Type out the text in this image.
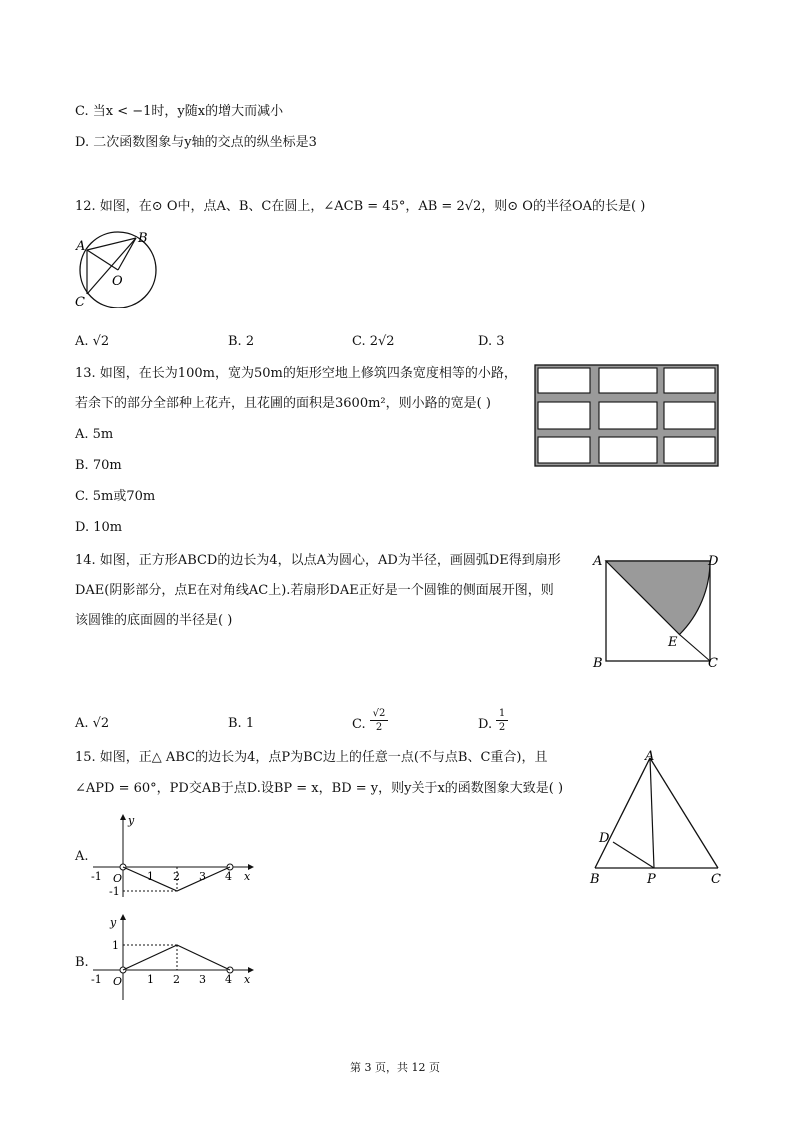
C. 当x < −1时，y随x的增大而减小
D. 二次函数图象与y轴的交点的纵坐标是3
12. 如图，在⊙ O中，点A、B、C在圆上，∠ACB = 45°，AB = 2√2，则⊙ O的半径OA的长是( )
A
B
C
O
A. √2	B. 2	C. 2√2	D. 3
13. 如图，在长为100m，宽为50m的矩形空地上修筑四条宽度相等的小路，
若余下的部分全部种上花卉，且花圃的面积是3600m²，则小路的宽是( )
A. 5m
B. 70m
C. 5m或70m
D. 10m
14. 如图，正方形ABCD的边长为4，以点A为圆心，AD为半径，画圆弧DE得到扇形
DAE(阴影部分，点E在对角线AC上).若扇形DAE正好是一个圆锥的侧面展开图，则
该圆锥的底面圆的半径是( )
A	D
B	C
E
A. √2	B. 1	C.
√2
2	D.
1
2
15. 如图，正△ ABC的边长为4，点P为BC边上的任意一点(不与点B、C重合)，且
∠APD = 60°，PD交AB于点D.设BP = x，BD = y，则y关于x的函数图象大致是( )
A
D
B	P	C
A.
y
x
O
-1	1 2 3 4
-1
B.
y
x
O
-1	1 2 3 4
1
第 3 页，共 12 页
